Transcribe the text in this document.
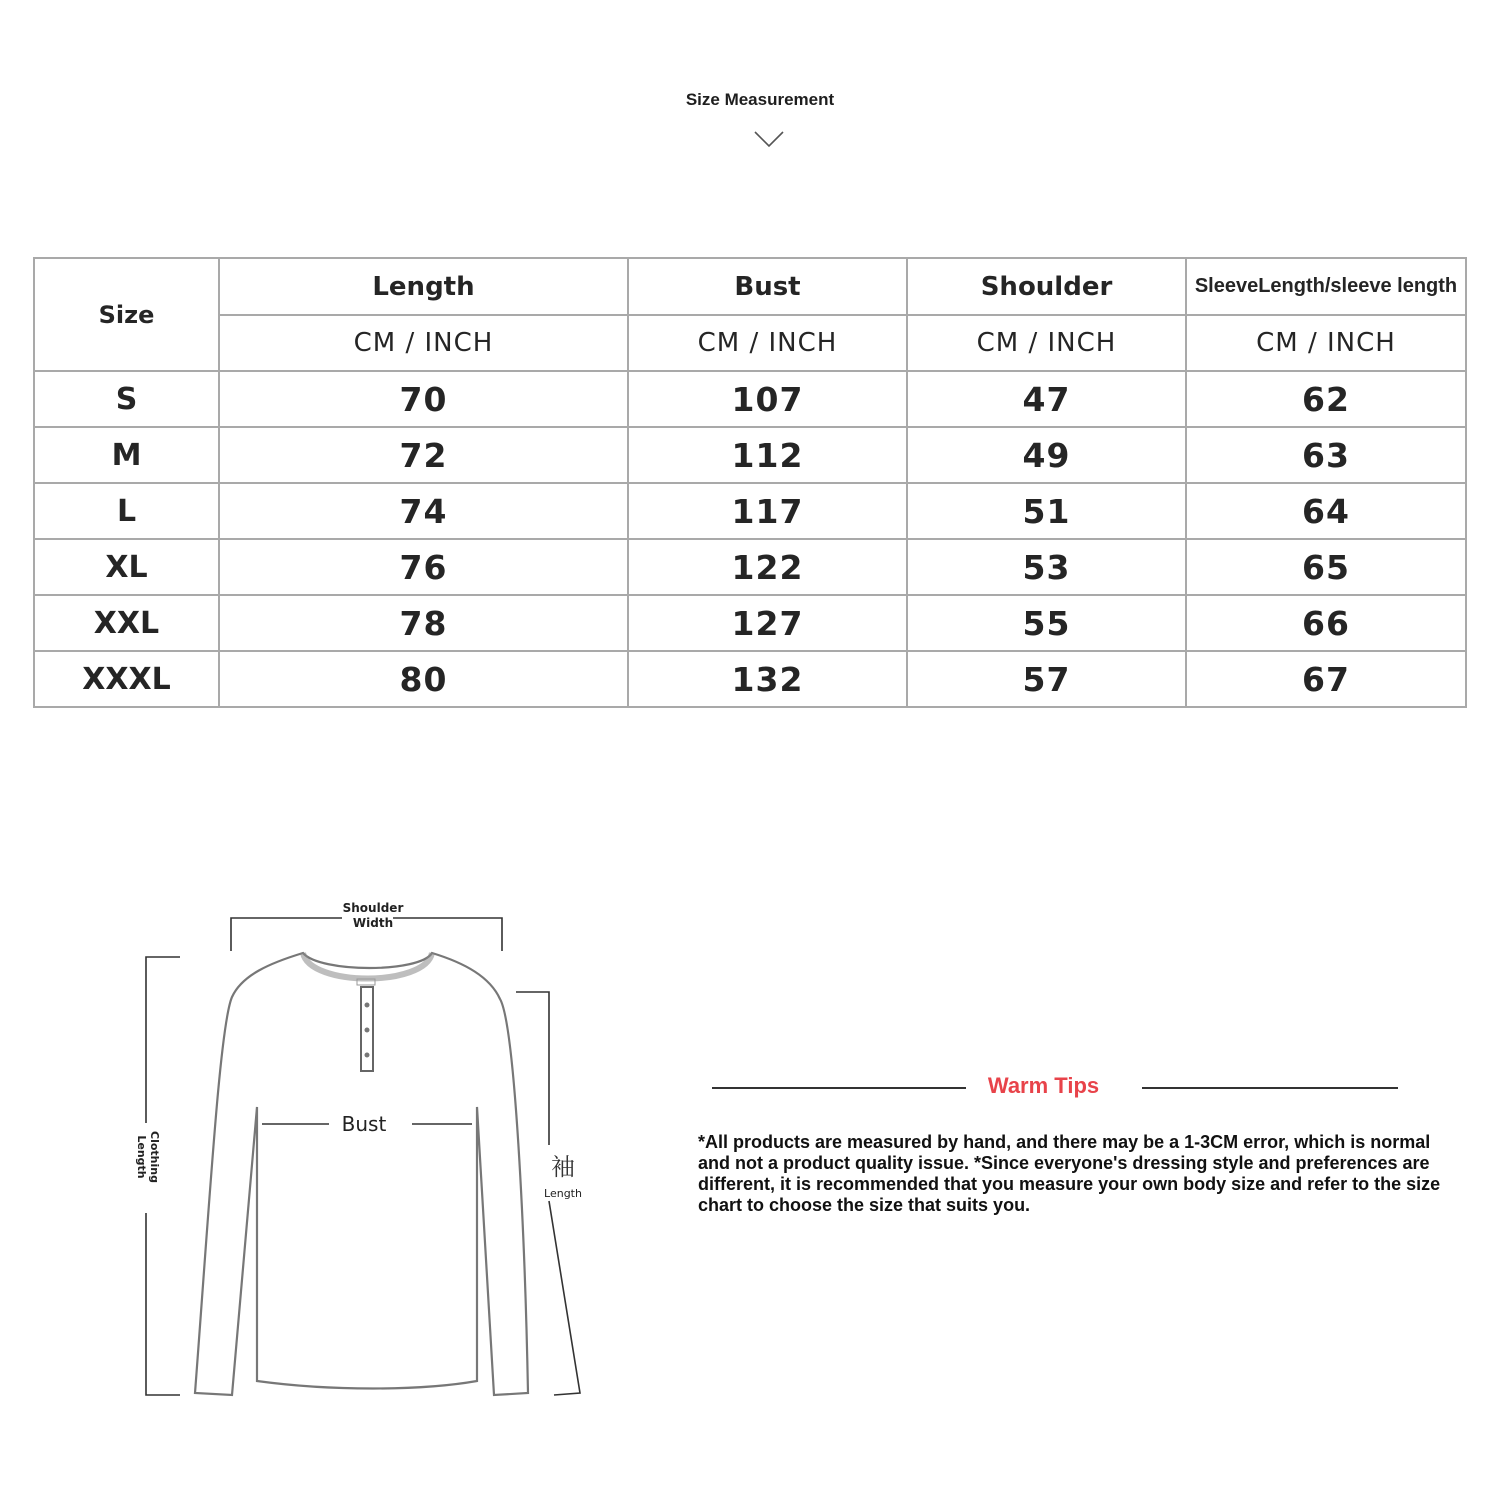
Size Measurement
Size	Length	Bust	Shoulder	SleeveLength/sleeve length
	CM / INCH	CM / INCH	CM / INCH	CM / INCH
S	70	107	47	62
M	72	112	49	63
L	74	117	51	64
XL	76	122	53	65
XXL	78	127	55	66
XXXL	80	132	57	67
Shoulder
Width
Clothing
Length	袖
Length
Bust
Warm Tips
*All products are measured by hand, and there may be a 1-3CM error, which is normal and not a product quality issue. *Since everyone's dressing style and preferences are different, it is recommended that you measure your own body size and refer to the size chart to choose the size that suits you.
